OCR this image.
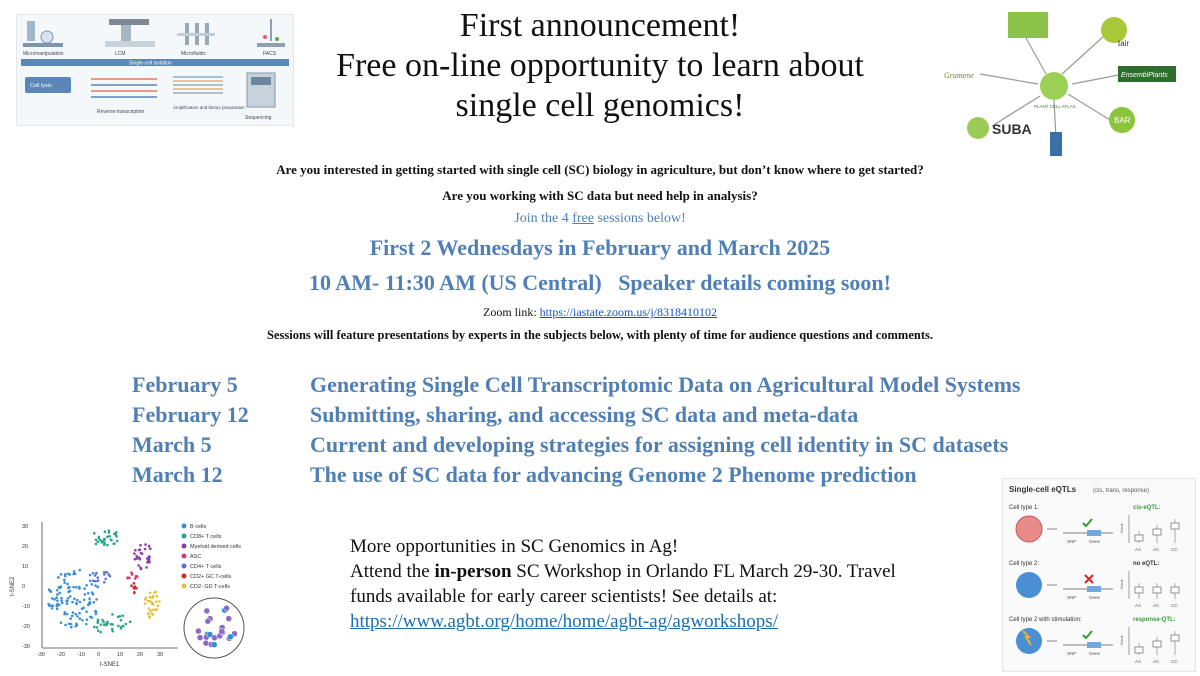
Micromanipulation	LCM	Microfluidic	FACS
Single-cell isolation
Cell lysis
Reverse transcription
Amplification and library preparation
Sequencing
First announcement!
Free on-line opportunity to learn about
single cell genomics!	PLANT CELL ATLAS
tair
Gramene	EnsemblPlants
BAR
SUBA
Are you interested in getting started with single cell (SC) biology in agriculture, but don’t know where to get started?
Are you working with SC data but need help in analysis?
Join the 4 free sessions below!
First 2 Wednesdays in February and March 2025
10 AM- 11:30 AM (US Central)   Speaker details coming soon!
Zoom link: https://iastate.zoom.us/j/8318410102
Sessions will feature presentations by experts in the subjects below, with plenty of time for audience questions and comments.
February 5	Generating Single Cell Transcriptomic Data on Agricultural Model Systems
February 12	Submitting, sharing, and accessing SC data and meta-data
March 5	Current and developing strategies for assigning cell identity in SC datasets
March 12	The use of SC data for advancing Genome 2 Phenome prediction
30
20
10
0
-10
-20
-30
-30 -20 -10 0	10	20	30
t-SNE1
t-SNE2
B cells
CD8+ T cells
Myeloid derived cells
ASC
CD4+ T cells
CD2+ GC T-cells
CD2- GD T-cells
More opportunities in SC Genomics in Ag!
Attend the in-person SC Workshop in Orlando FL March 29-30. Travel funds available for early career scientists! See details at: https://www.agbt.org/home/home/agbt-ag/agworkshops/
Single-cell eQTLs	(cis, trans, response)
Cell type 1:	cis-eQTL:
SNP	Gene
AA	AC	CC
Gene
Cell type 2:	no eQTL:
SNP	Gene
AA	AC	CC
Gene
Cell type 2 with stimulation:	response-QTL:
SNP	Gene
AA	AC	CC
Gene
